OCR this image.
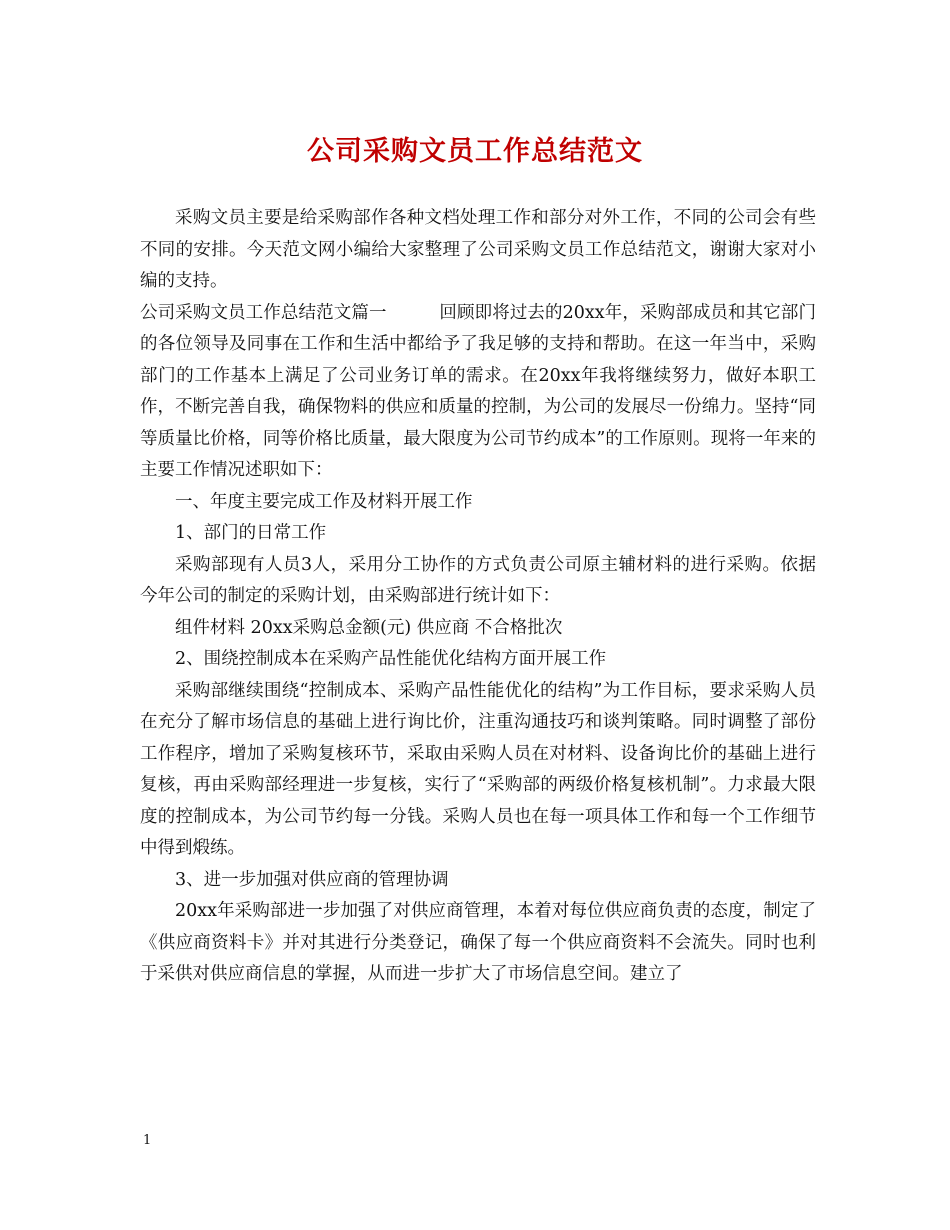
公司采购文员工作总结范文

采购文员主要是给采购部作各种文档处理工作和部分对外工作，不同的公司会有些不同的安排。今天范文网小编给大家整理了公司采购文员工作总结范文，谢谢大家对小编的支持。

公司采购文员工作总结范文篇一　　　回顾即将过去的20xx年，采购部成员和其它部门的各位领导及同事在工作和生活中都给予了我足够的支持和帮助。在这一年当中，采购部门的工作基本上满足了公司业务订单的需求。在20xx年我将继续努力，做好本职工作，不断完善自我，确保物料的供应和质量的控制，为公司的发展尽一份绵力。坚持“同等质量比价格，同等价格比质量，最大限度为公司节约成本”的工作原则。现将一年来的主要工作情况述职如下：

一、年度主要完成工作及材料开展工作

1、部门的日常工作

采购部现有人员3人，采用分工协作的方式负责公司原主辅材料的进行采购。依据今年公司的制定的采购计划，由采购部进行统计如下：

组件材料 20xx采购总金额(元) 供应商 不合格批次

2、围绕控制成本在采购产品性能优化结构方面开展工作

采购部继续围绕“控制成本、采购产品性能优化的结构”为工作目标，要求采购人员在充分了解市场信息的基础上进行询比价，注重沟通技巧和谈判策略。同时调整了部份工作程序，增加了采购复核环节，采取由采购人员在对材料、设备询比价的基础上进行复核，再由采购部经理进一步复核，实行了“采购部的两级价格复核机制”。力求最大限度的控制成本，为公司节约每一分钱。采购人员也在每一项具体工作和每一个工作细节中得到煅练。

3、进一步加强对供应商的管理协调

20xx年采购部进一步加强了对供应商管理，本着对每位供应商负责的态度，制定了《供应商资料卡》并对其进行分类登记，确保了每一个供应商资料不会流失。同时也利于采供对供应商信息的掌握，从而进一步扩大了市场信息空间。建立了

1
